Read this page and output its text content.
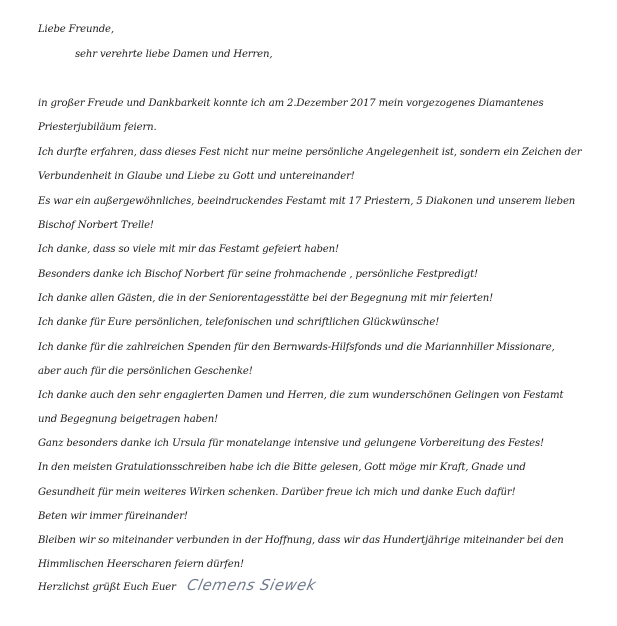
Liebe Freunde,
sehr verehrte liebe Damen und Herren,
in großer Freude und Dankbarkeit konnte ich am 2.Dezember 2017 mein vorgezogenes Diamantenes
Priesterjubiläum feiern.
Ich durfte erfahren, dass dieses Fest nicht nur meine persönliche Angelegenheit ist, sondern ein Zeichen der
Verbundenheit in Glaube und Liebe zu Gott und untereinander!
Es war ein außergewöhnliches, beeindruckendes Festamt mit 17 Priestern, 5 Diakonen und unserem lieben
Bischof Norbert Trelle!
Ich danke, dass so viele mit mir das Festamt gefeiert haben!
Besonders danke ich Bischof Norbert für seine frohmachende , persönliche Festpredigt!
Ich danke allen Gästen, die in der Seniorentagesstätte bei der Begegnung mit mir feierten!
Ich danke für Eure persönlichen, telefonischen und schriftlichen Glückwünsche!
Ich danke für die zahlreichen Spenden für den Bernwards-Hilfsfonds und die Mariannhiller Missionare,
aber auch für die persönlichen Geschenke!
Ich danke auch den sehr engagierten Damen und Herren, die zum wunderschönen Gelingen von Festamt
und Begegnung beigetragen haben!
Ganz besonders danke ich Ursula für monatelange intensive und gelungene Vorbereitung des Festes!
In den meisten Gratulationsschreiben habe ich die Bitte gelesen, Gott möge mir Kraft, Gnade und
Gesundheit für mein weiteres Wirken schenken. Darüber freue ich mich und danke Euch dafür!
Beten wir immer füreinander!
Bleiben wir so miteinander verbunden in der Hoffnung, dass wir das Hundertjährige miteinander bei den
Himmlischen Heerscharen feiern dürfen!
Herzlichst grüßt Euch Euer Clemens Siewek
